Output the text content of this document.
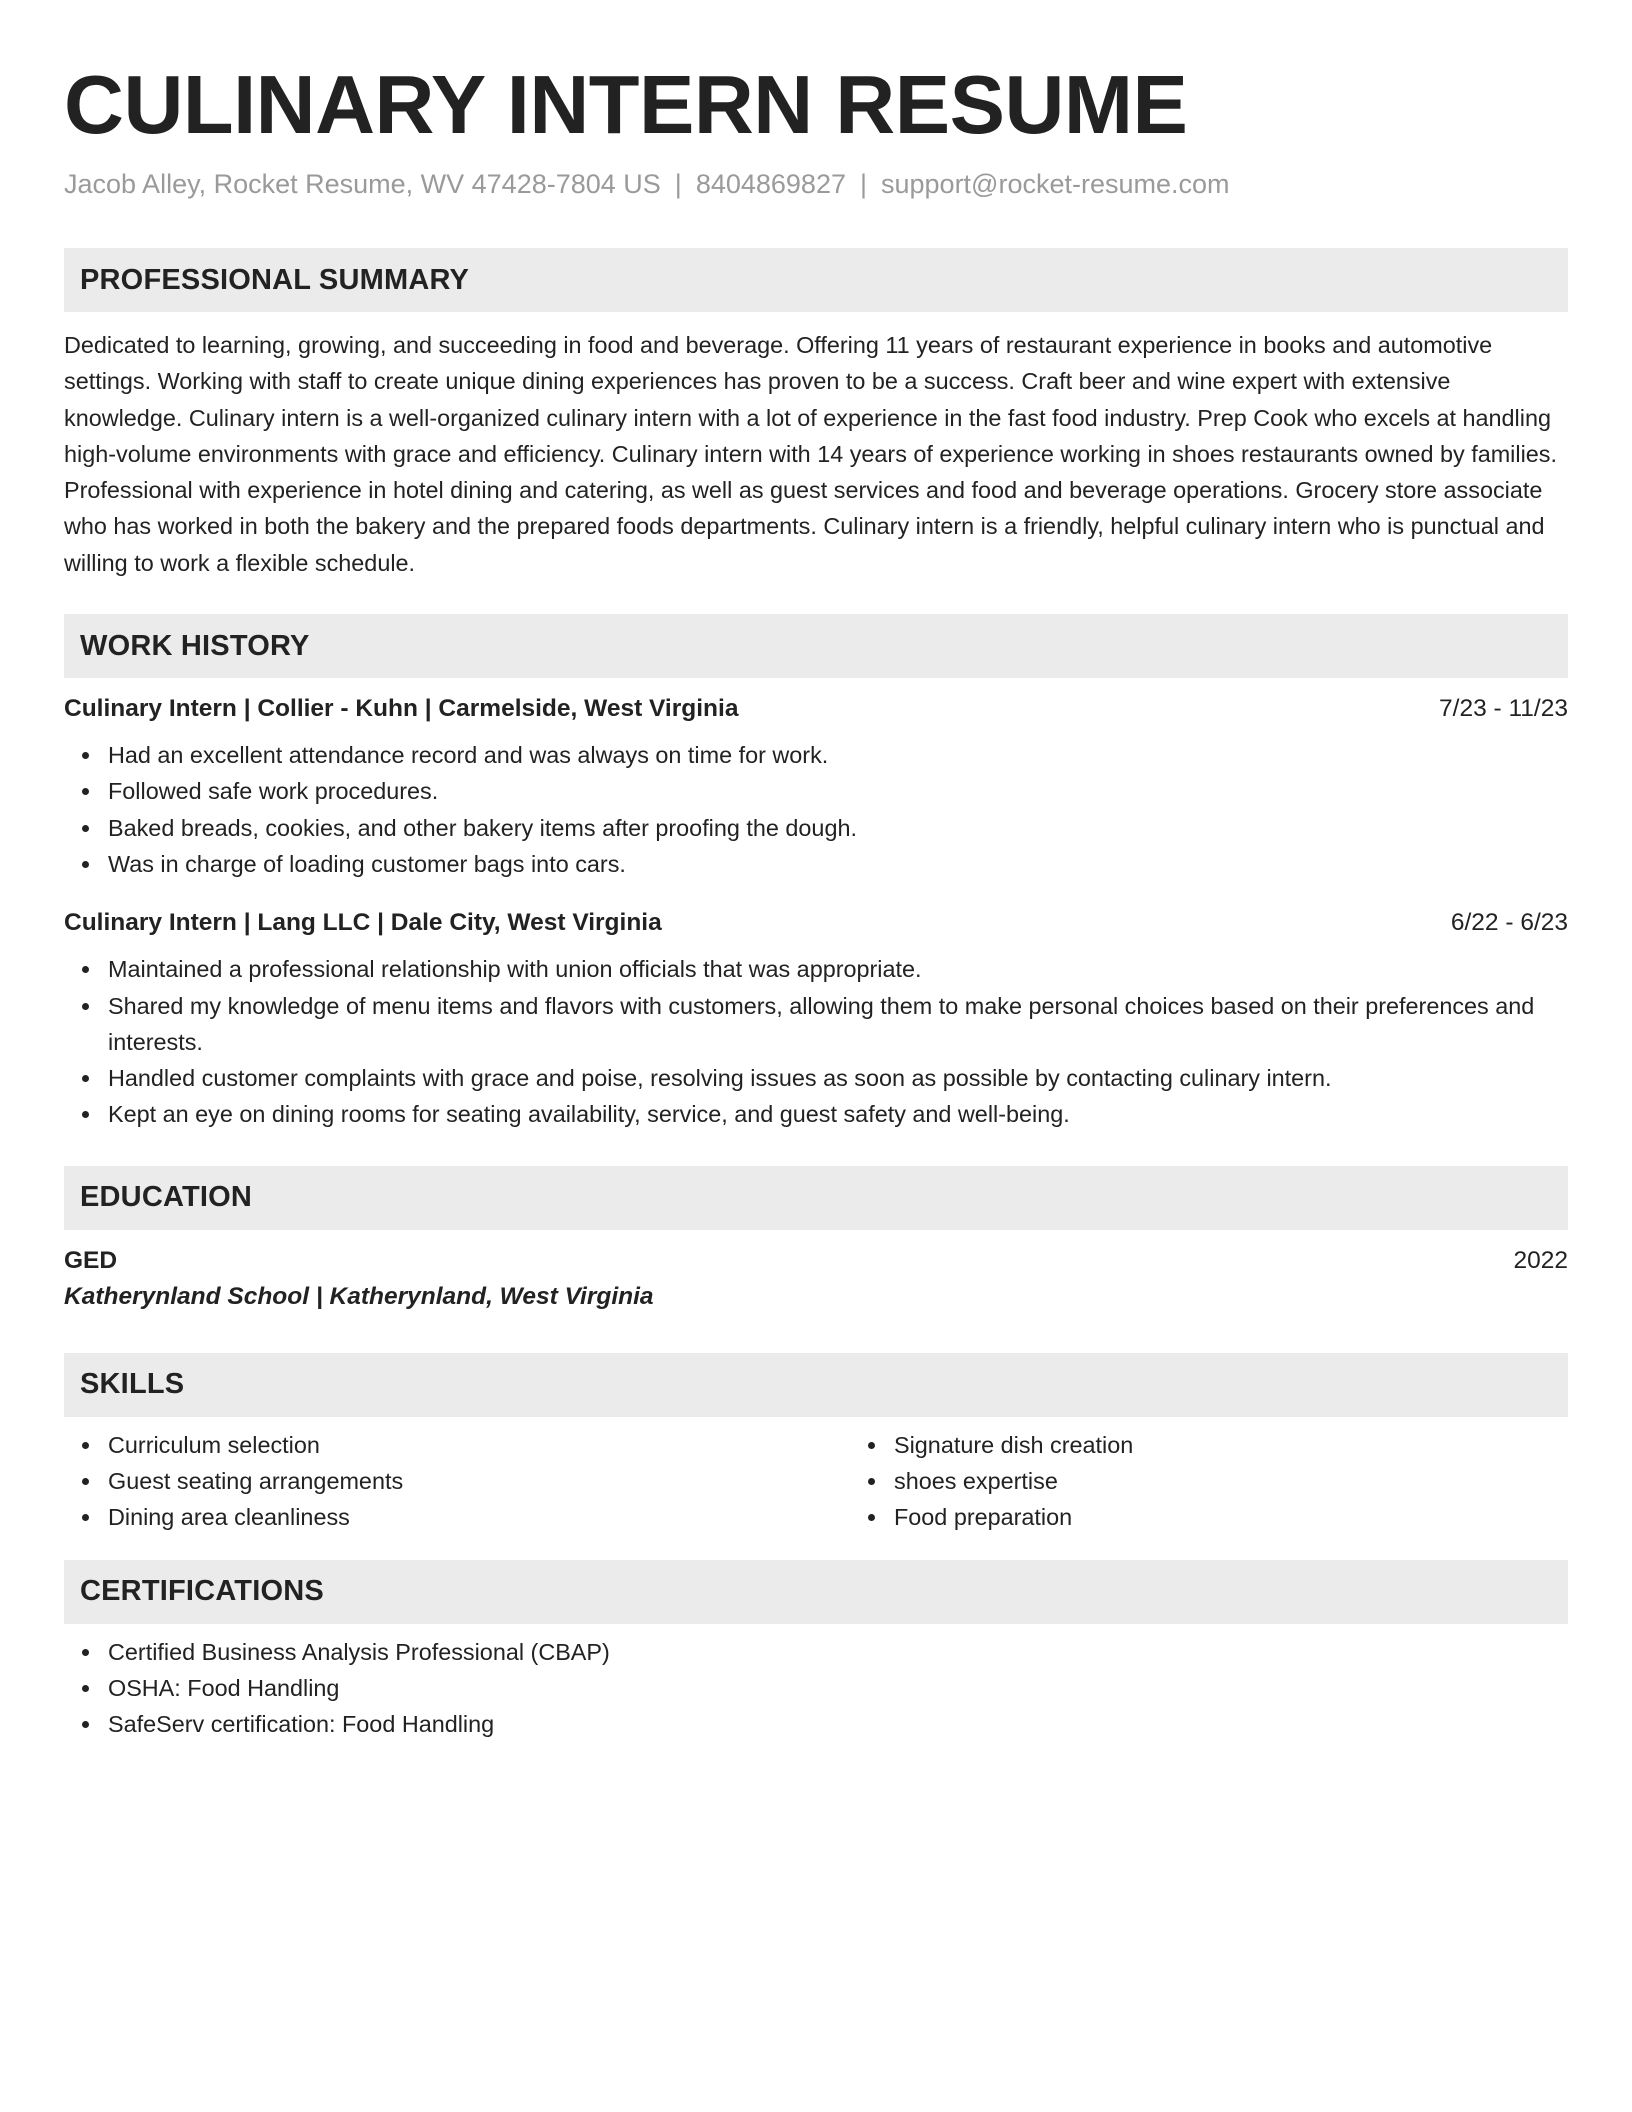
CULINARY INTERN RESUME
Jacob Alley, Rocket Resume, WV 47428-7804 US | 8404869827 | support@rocket-resume.com
PROFESSIONAL SUMMARY

Dedicated to learning, growing, and succeeding in food and beverage. Offering 11 years of restaurant experience in books and automotive settings. Working with staff to create unique dining experiences has proven to be a success. Craft beer and wine expert with extensive knowledge. Culinary intern is a well-organized culinary intern with a lot of experience in the fast food industry. Prep Cook who excels at handling high-volume environments with grace and efficiency. Culinary intern with 14 years of experience working in shoes restaurants owned by families. Professional with experience in hotel dining and catering, as well as guest services and food and beverage operations. Grocery store associate who has worked in both the bakery and the prepared foods departments. Culinary intern is a friendly, helpful culinary intern who is punctual and willing to work a flexible schedule.

WORK HISTORY
Culinary Intern | Collier - Kuhn | Carmelside, West Virginia	7/23 - 11/23
Had an excellent attendance record and was always on time for work.
Followed safe work procedures.
Baked breads, cookies, and other bakery items after proofing the dough.
Was in charge of loading customer bags into cars.
Culinary Intern | Lang LLC | Dale City, West Virginia	6/22 - 6/23
Maintained a professional relationship with union officials that was appropriate.
Shared my knowledge of menu items and flavors with customers, allowing them to make personal choices based on their preferences and interests.
Handled customer complaints with grace and poise, resolving issues as soon as possible by contacting culinary intern.
Kept an eye on dining rooms for seating availability, service, and guest safety and well-being.
EDUCATION
GED	2022
Katherynland School | Katherynland, West Virginia
SKILLS
Curriculum selection
Guest seating arrangements
Dining area cleanliness
Signature dish creation
shoes expertise
Food preparation
CERTIFICATIONS
Certified Business Analysis Professional (CBAP)
OSHA: Food Handling
SafeServ certification: Food Handling
